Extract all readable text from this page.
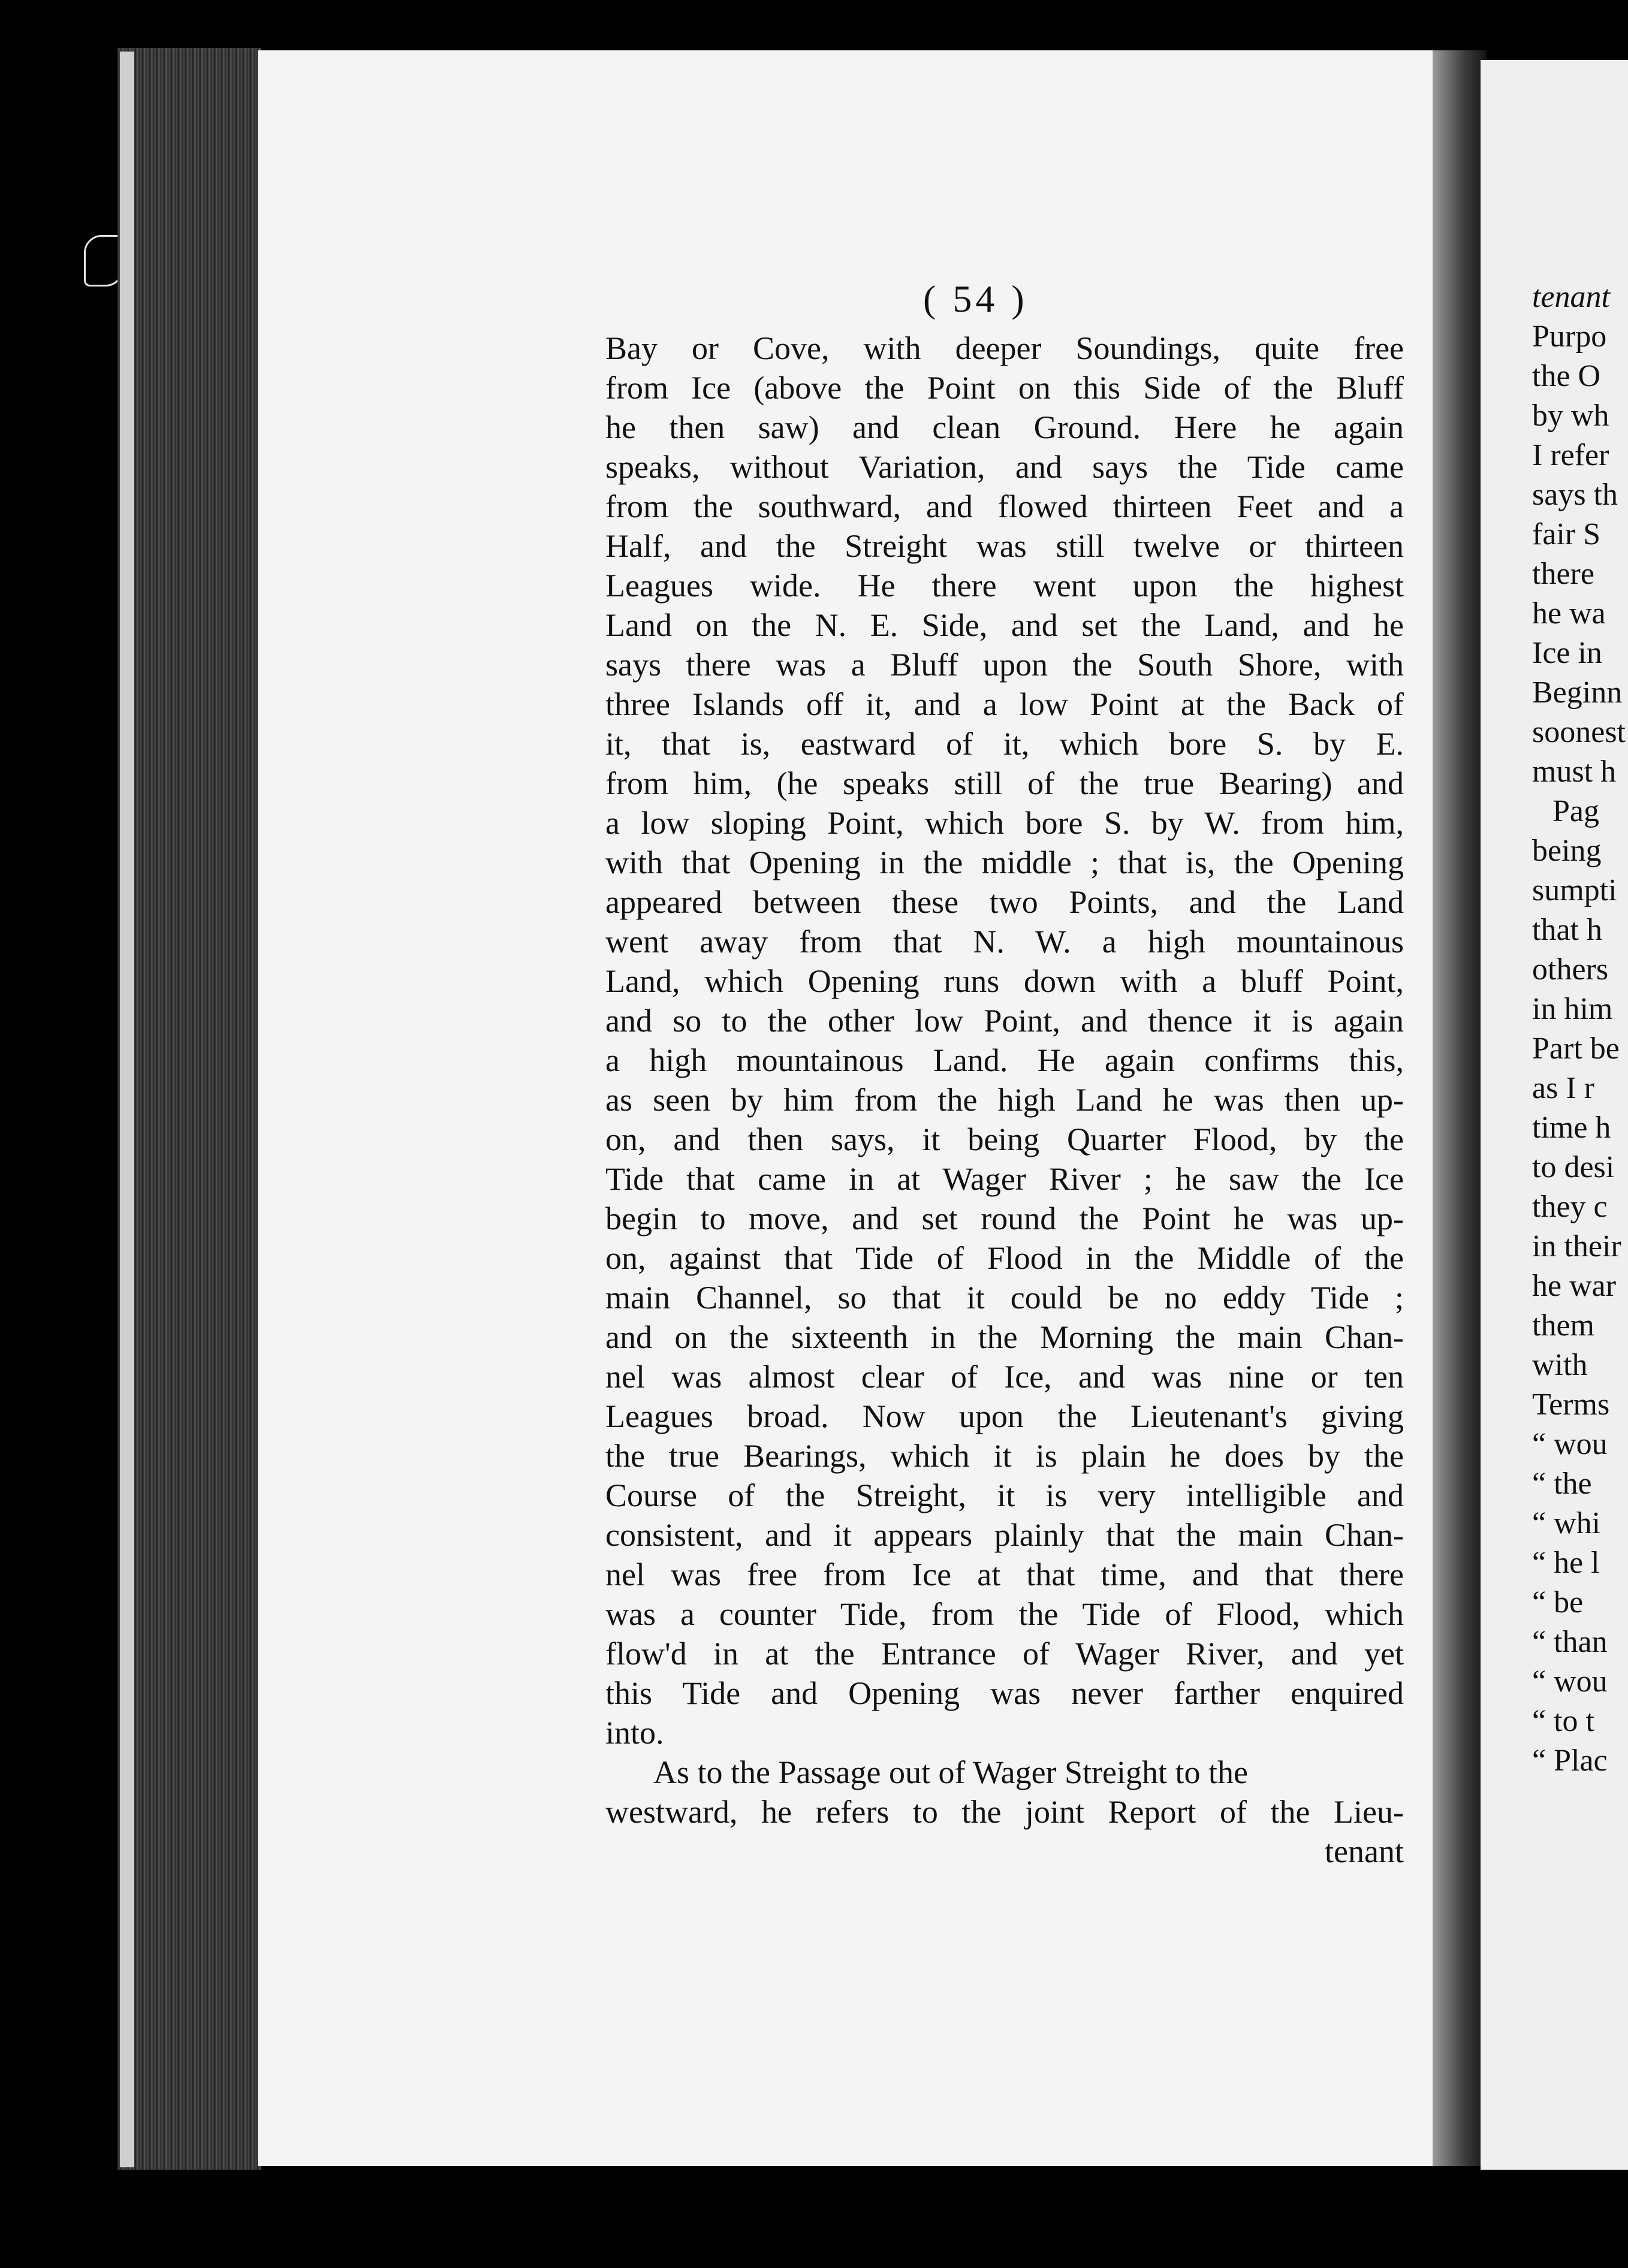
( 54 )
Bay or Cove, with deeper Soundings, quite free
from Ice (above the Point on this Side of the Bluff
he then saw) and clean Ground. Here he again
speaks, without Variation, and says the Tide came
from the southward, and flowed thirteen Feet and a
Half, and the Streight was still twelve or thirteen
Leagues wide. He there went upon the highest
Land on the N. E. Side, and set the Land, and he
says there was a Bluff upon the South Shore, with
three Islands off it, and a low Point at the Back of
it, that is, eastward of it, which bore S. by E.
from him, (he speaks still of the true Bearing) and
a low sloping Point, which bore S. by W. from him,
with that Opening in the middle ; that is, the Opening
appeared between these two Points, and the Land
went away from that N. W. a high mountainous
Land, which Opening runs down with a bluff Point,
and so to the other low Point, and thence it is again
a high mountainous Land. He again confirms this,
as seen by him from the high Land he was then up-
on, and then says, it being Quarter Flood, by the
Tide that came in at Wager River ; he saw the Ice
begin to move, and set round the Point he was up-
on, against that Tide of Flood in the Middle of the
main Channel, so that it could be no eddy Tide ;
and on the sixteenth in the Morning the main Chan-
nel was almost clear of Ice, and was nine or ten
Leagues broad. Now upon the Lieutenant's giving
the true Bearings, which it is plain he does by the
Course of the Streight, it is very intelligible and
consistent, and it appears plainly that the main Chan-
nel was free from Ice at that time, and that there
was a counter Tide, from the Tide of Flood, which
flow'd in at the Entrance of Wager River, and yet
this Tide and Opening was never farther enquired
into.
As to the Passage out of Wager Streight to the
westward, he refers to the joint Report of the Lieu-
tenant
tenant
Purpo
the O
by wh
I refer
says th
fair S
there
he wa
Ice in
Beginn
soonest
must h
Pag
being
sumpti
that h
others
in him
Part be
as I r
time h
to desi
they c
in their
he war
them
with
Terms
“ wou
“ the
“ whi
“ he l
“ be
“ than
“ wou
“ to t
“ Plac
